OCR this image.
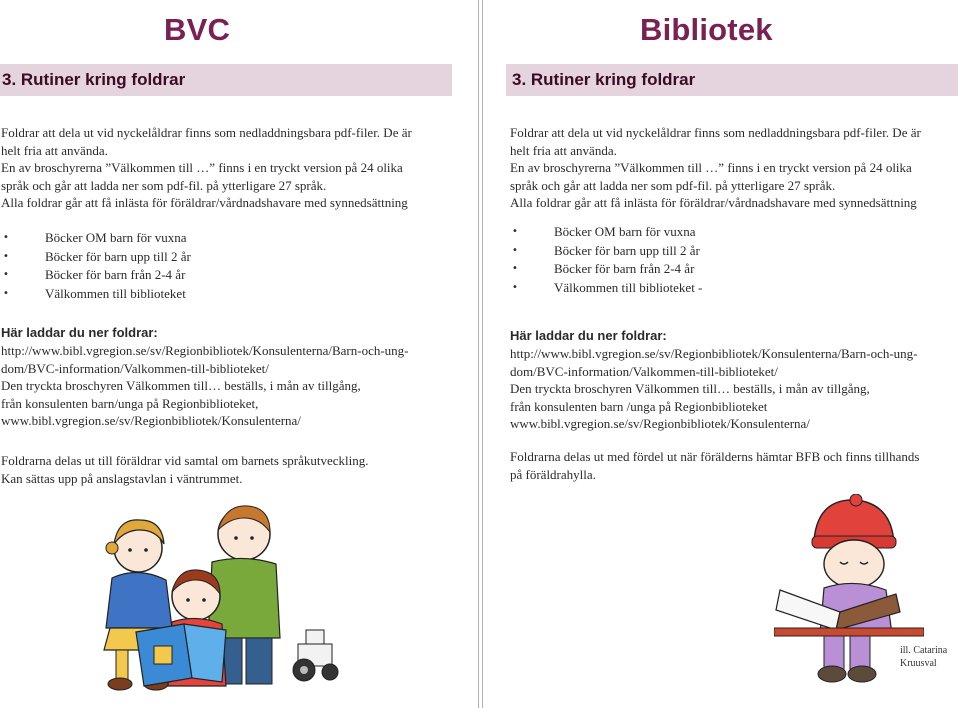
BVC
3. Rutiner kring foldrar

Foldrar att dela ut vid nyckelåldrar finns som nedladdningsbara pdf-filer. De är

helt fria att använda.

En av broschyrerna ”Välkommen till …” finns i en tryckt version på 24 olika

språk och går att ladda ner som pdf-fil. på ytterligare 27 språk.

Alla foldrar går att få inlästa för föräldrar/vårdnadshavare med synnedsättning

•	Böcker OM barn för vuxna
•	Böcker för barn upp till 2 år
•	Böcker för barn från 2-4 år
•	Välkommen till biblioteket

Här laddar du ner foldrar:

http://www.bibl.vgregion.se/sv/Regionbibliotek/Konsulenterna/Barn-och-ung-

dom/BVC-information/Valkommen-till-biblioteket/

Den tryckta broschyren Välkommen till… beställs, i mån av tillgång,

från konsulenten barn/unga på Regionbiblioteket,

www.bibl.vgregion.se/sv/Regionbibliotek/Konsulenterna/

Foldrarna delas ut till föräldrar vid samtal om barnets språkutveckling.

Kan sättas upp på anslagstavlan i väntrummet.

Bibliotek
3. Rutiner kring foldrar

Foldrar att dela ut vid nyckelåldrar finns som nedladdningsbara pdf-filer. De är

helt fria att använda.

En av broschyrerna ”Välkommen till …” finns i en tryckt version på 24 olika

språk och går att ladda ner som pdf-fil. på ytterligare 27 språk.

Alla foldrar går att få inlästa för föräldrar/vårdnadshavare med synnedsättning

•	Böcker OM barn för vuxna
•	Böcker för barn upp till 2 år
•	Böcker för barn från 2-4 år
•	Välkommen till biblioteket -

Här laddar du ner foldrar:

http://www.bibl.vgregion.se/sv/Regionbibliotek/Konsulenterna/Barn-och-ung-

dom/BVC-information/Valkommen-till-biblioteket/

Den tryckta broschyren Välkommen till… beställs, i mån av tillgång,

från konsulenten barn /unga på Regionbiblioteket

www.bibl.vgregion.se/sv/Regionbibliotek/Konsulenterna/

Foldrarna delas ut med fördel ut när förälderns hämtar BFB och finns tillhands

på föräldrahylla.

ill. Catarina
Kruusval
